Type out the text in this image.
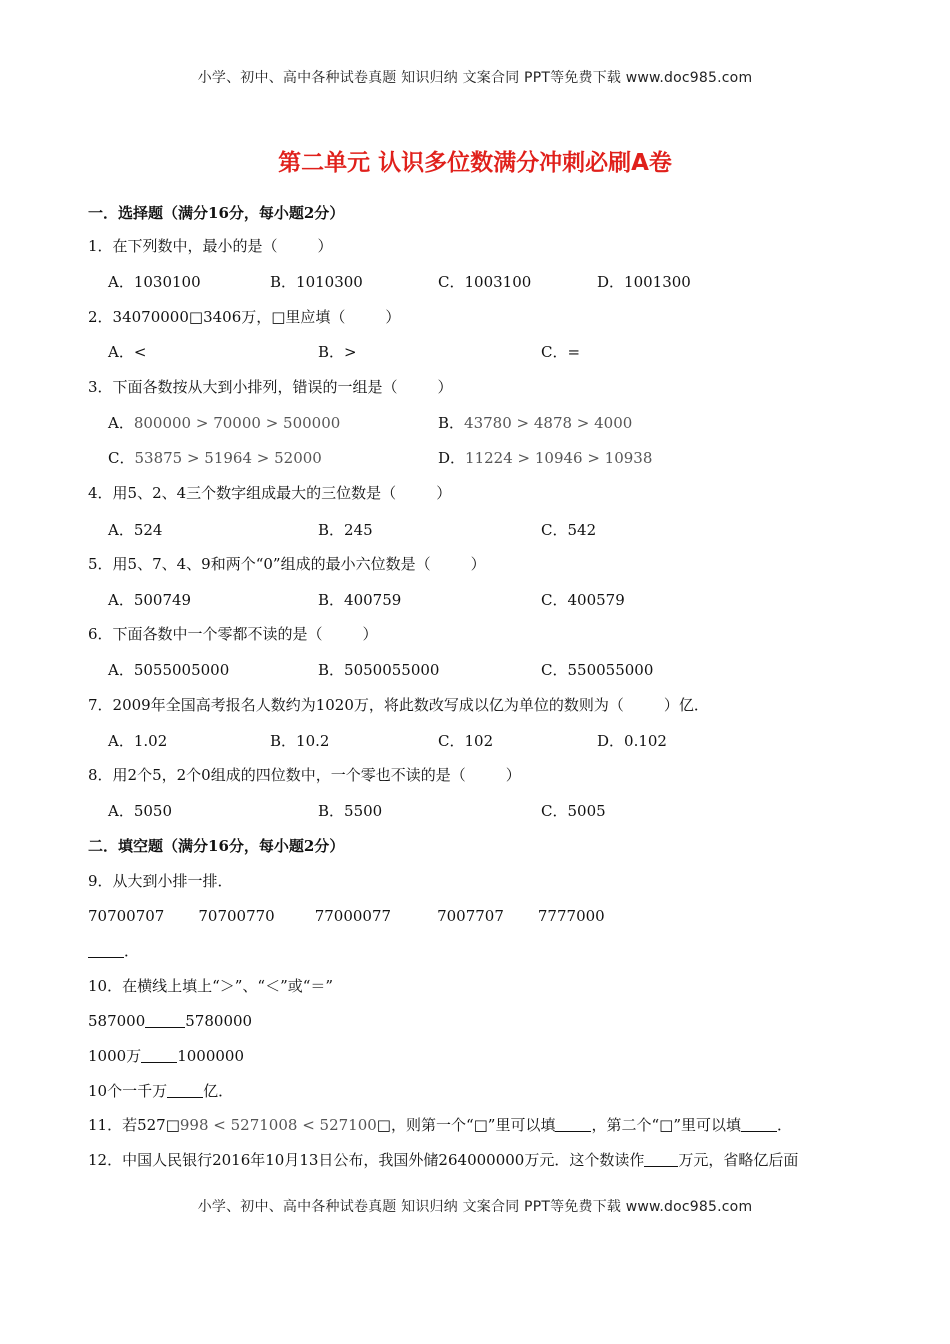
小学、初中、高中各种试卷真题 知识归纳 文案合同 PPT等免费下载 www.doc985.com
第二单元 认识多位数满分冲刺必刷A卷
一．选择题（满分16分，每小题2分）
1．在下列数中，最小的是（	）
A．1030100	B．1010300	C．1003100	D．1001300
2．34070000□3406万，□里应填（	）
A．<	B．>	C．=
3．下面各数按从大到小排列，错误的一组是（	）
A．800000 > 70000 > 500000	B．43780 > 4878 > 4000
C．53875 > 51964 > 52000	D．11224 > 10946 > 10938
4．用5、2、4三个数字组成最大的三位数是（	）
A．524	B．245	C．542
5．用5、7、4、9和两个“0”组成的最小六位数是（	）
A．500749	B．400759	C．400579
6．下面各数中一个零都不读的是（	）
A．5055005000	B．5050055000	C．550055000
7．2009年全国高考报名人数约为1020万，将此数改写成以亿为单位的数则为（	）亿．
A．1.02	B．10.2	C．102	D．0.102
8．用2个5，2个0组成的四位数中，一个零也不读的是（	）
A．5050	B．5500	C．5005
二．填空题（满分16分，每小题2分）
9．从大到小排一排．
70700707 70700770	77000077	7007707 7777000
．
10．在横线上填上“＞”、“＜”或“＝”
587000	5780000
1000万 1000000
10个一千万 亿．
11．若527□998 < 5271008 < 527100□，则第一个“□”里可以填 ，第二个“□”里可以填 ．
12．中国人民银行2016年10月13日公布，我国外储264000000万元．这个数读作 万元，省略亿后面
小学、初中、高中各种试卷真题 知识归纳 文案合同 PPT等免费下载 www.doc985.com
